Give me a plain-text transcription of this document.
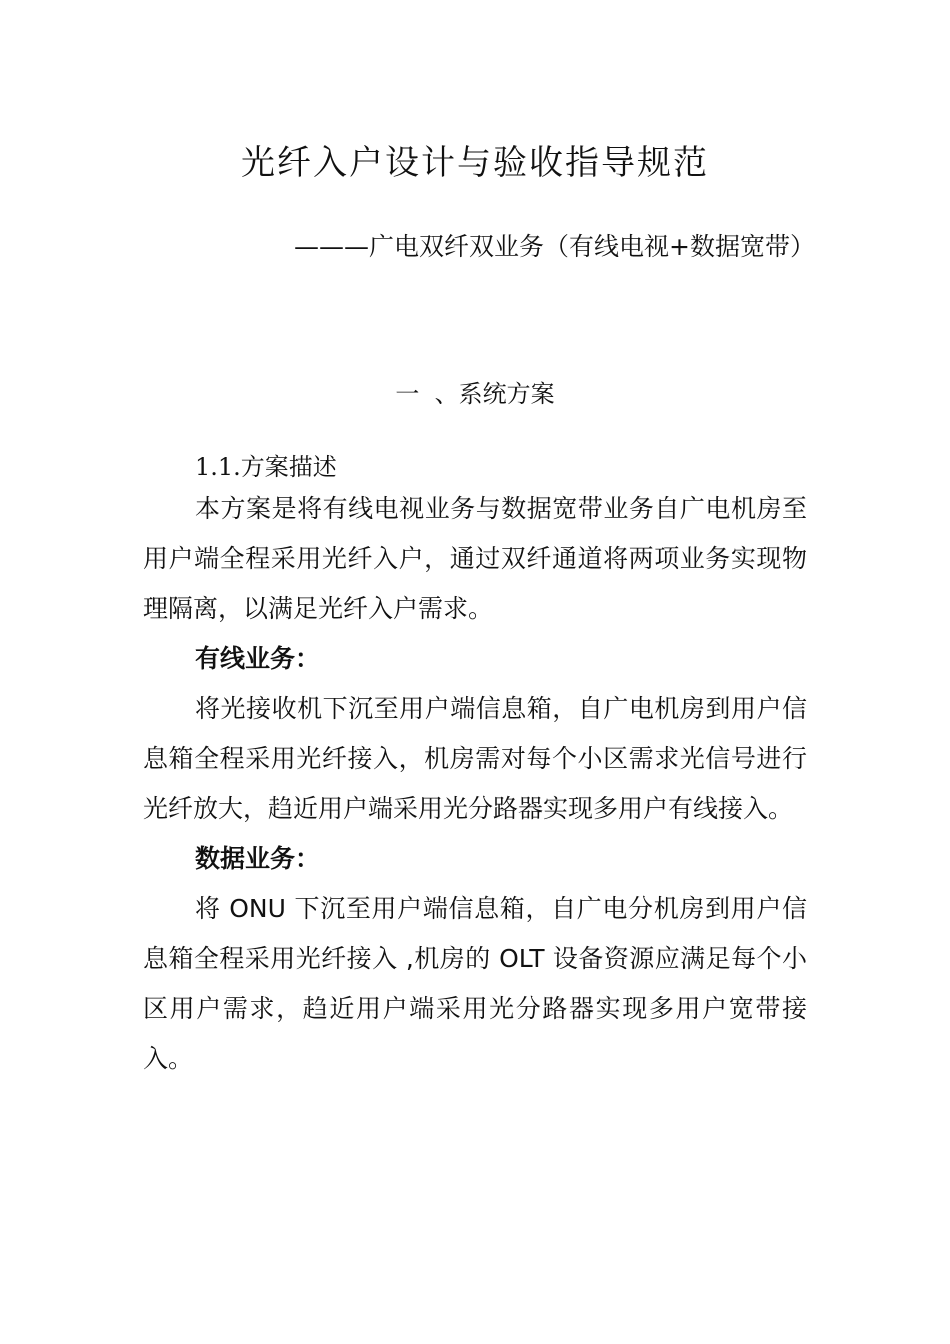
光纤入户设计与验收指导规范
———广电双纤双业务（有线电视+数据宽带）
一  、系统方案
1.1.方案描述
本方案是将有线电视业务与数据宽带业务自广电机房至用户端全程采用光纤入户，通过双纤通道将两项业务实现物理隔离，以满足光纤入户需求。
有线业务：
将光接收机下沉至用户端信息箱，自广电机房到用户信息箱全程采用光纤接入，机房需对每个小区需求光信号进行光纤放大，趋近用户端采用光分路器实现多用户有线接入。
数据业务：
将 ONU 下沉至用户端信息箱，自广电分机房到用户信息箱全程采用光纤接入 ,机房的 OLT 设备资源应满足每个小区用户需求，趋近用户端采用光分路器实现多用户宽带接入。
